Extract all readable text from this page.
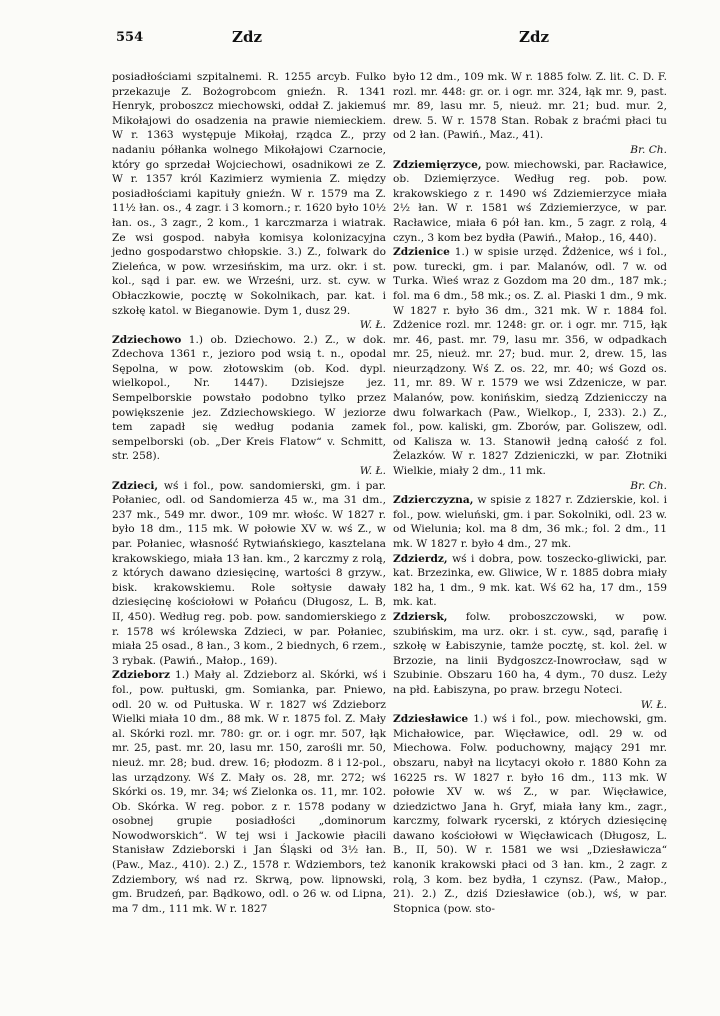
554	Zdz	Zdz

posiadłościami szpitalnemi. R. 1255 arcyb. Fulko przekazuje Z. Bożogrobcom gnieźn. R. 1341 Henryk, proboszcz miechowski, oddał Z. jakiemuś Mikołajowi do osadzenia na prawie niemieckiem. W r. 1363 występuje Mikołaj, rządca Z., przy nadaniu półłanka wolnego Mikołajowi Czarnocie, który go sprzedał Wojciechowi, osadnikowi ze Z. W r. 1357 król Kazimierz wymienia Z. między posiadłościami kapituły gnieźn. W r. 1579 ma Z. 11½ łan. os., 4 zagr. i 3 komorn.; r. 1620 było 10½ łan. os., 3 zagr., 2 kom., 1 karczmarza i wiatrak. Ze wsi gospod. nabyła komisya kolonizacyjna jedno gospodarstwo chłopskie. 3.) Z., folwark do Zieleńca, w pow. wrzesińskim, ma urz. okr. i st. kol., sąd i par. ew. we Wrześni, urz. st. cyw. w Obłaczkowie, pocztę w Sokolnikach, par. kat. i szkołę katol. w Bieganowie. Dym 1, dusz 29.
W. Ł.

Zdziechowo 1.) ob. Dziechowo. 2.) Z., w dok. Zdechova 1361 r., jezioro pod wsią t. n., opodal Sępolna, w pow. złotowskim (ob. Kod. dypl. wielkopol., Nr. 1447). Dzisiejsze jez. Sempelborskie powstało podobno tylko przez powiększenie jez. Zdziechowskiego. W jeziorze tem zapadł się według podania zamek sempelborski (ob. „Der Kreis Flatow“ v. Schmitt, str. 258).
W. Ł.

Zdzieci, wś i fol., pow. sandomierski, gm. i par. Połaniec, odl. od Sandomierza 45 w., ma 31 dm., 237 mk., 549 mr. dwor., 109 mr. włośc. W 1827 r. było 18 dm., 115 mk. W połowie XV w. wś Z., w par. Połaniec, własność Rytwiańskiego, kasztelana krakowskiego, miała 13 łan. km., 2 karczmy z rolą, z których dawano dziesięcinę, wartości 8 grzyw., bisk. krakowskiemu. Role sołtysie dawały dziesięcinę kościołowi w Połańcu (Długosz, L. B, II, 450). Według reg. pob. pow. sandomierskiego z r. 1578 wś królewska Zdzieci, w par. Połaniec, miała 25 osad., 8 łan., 3 kom., 2 biednych, 6 rzem., 3 rybak. (Pawiń., Małop., 169).

Zdzieborz 1.) Mały al. Zdzieborz al. Skórki, wś i fol., pow. pułtuski, gm. Somianka, par. Pniewo, odl. 20 w. od Pułtuska. W r. 1827 wś Zdzieborz Wielki miała 10 dm., 88 mk. W r. 1875 fol. Z. Mały al. Skórki rozl. mr. 780: gr. or. i ogr. mr. 507, łąk mr. 25, past. mr. 20, lasu mr. 150, zarośli mr. 50, nieuż. mr. 28; bud. drew. 16; płodozm. 8 i 12-pol., las urządzony. Wś Z. Mały os. 28, mr. 272; wś Skórki os. 19, mr. 34; wś Zielonka os. 11, mr. 102. Ob. Skórka. W reg. pobor. z r. 1578 podany w osobnej grupie posiadłości „dominorum Nowodworskich“. W tej wsi i Jackowie płacili Stanisław Zdzieborski i Jan Śląski od 3½ łan. (Paw., Maz., 410). 2.) Z., 1578 r. Wdziembors, też Zdziembory, wś nad rz. Skrwą, pow. lipnowski, gm. Brudzeń, par. Bądkowo, odl. o 26 w. od Lipna, ma 7 dm., 111 mk. W r. 1827

było 12 dm., 109 mk. W r. 1885 folw. Z. lit. C. D. F. rozl. mr. 448: gr. or. i ogr. mr. 324, łąk mr. 9, past. mr. 89, lasu mr. 5, nieuż. mr. 21; bud. mur. 2, drew. 5. W r. 1578 Stan. Robak z braćmi płaci tu od 2 łan. (Pawiń., Maz., 41).
Br. Ch.

Zdziemięrzyce, pow. miechowski, par. Racławice, ob. Dziemięrzyce. Według reg. pob. pow. krakowskiego z r. 1490 wś Zdziemierzyce miała 2½ łan. W r. 1581 wś Zdziemierzyce, w par. Racławice, miała 6 pół łan. km., 5 zagr. z rolą, 4 czyn., 3 kom bez bydła (Pawiń., Małop., 16, 440).

Zdzienice 1.) w spisie urzęd. Źdżenice, wś i fol., pow. turecki, gm. i par. Malanów, odl. 7 w. od Turka. Wieś wraz z Gozdom ma 20 dm., 187 mk.; fol. ma 6 dm., 58 mk.; os. Z. al. Piaski 1 dm., 9 mk. W 1827 r. było 36 dm., 321 mk. W r. 1884 fol. Zdżenice rozl. mr. 1248: gr. or. i ogr. mr. 715, łąk mr. 46, past. mr. 79, lasu mr. 356, w odpadkach mr. 25, nieuż. mr. 27; bud. mur. 2, drew. 15, las nieurządzony. Wś Z. os. 22, mr. 40; wś Gozd os. 11, mr. 89. W r. 1579 we wsi Zdzenicze, w par. Malanów, pow. konińskim, siedzą Zdzienicczy na dwu folwarkach (Paw., Wielkop., I, 233). 2.) Z., fol., pow. kaliski, gm. Zborów, par. Goliszew, odl. od Kalisza w. 13. Stanowił jedną całość z fol. Żelazków. W r. 1827 Zdzieniczki, w par. Złotniki Wielkie, miały 2 dm., 11 mk.
Br. Ch.

Zdzierczyzna, w spisie z 1827 r. Zdzierskie, kol. i fol., pow. wieluński, gm. i par. Sokolniki, odl. 23 w. od Wielunia; kol. ma 8 dm, 36 mk.; fol. 2 dm., 11 mk. W 1827 r. było 4 dm., 27 mk.

Zdzierdz, wś i dobra, pow. toszecko-gliwicki, par. kat. Brzezinka, ew. Gliwice, W r. 1885 dobra miały 182 ha, 1 dm., 9 mk. kat. Wś 62 ha, 17 dm., 159 mk. kat.

Zdziersk, folw. proboszczowski, w pow. szubińskim, ma urz. okr. i st. cyw., sąd, parafię i szkołę w Łabiszynie, tamże pocztę, st. kol. żel. w Brzozie, na linii Bydgoszcz-Inowrocław, sąd w Szubinie. Obszaru 160 ha, 4 dym., 70 dusz. Leży na płd. Łabiszyna, po praw. brzegu Noteci.
W. Ł.

Zdziesławice 1.) wś i fol., pow. miechowski, gm. Michałowice, par. Więcławice, odl. 29 w. od Miechowa. Folw. poduchowny, mający 291 mr. obszaru, nabył na licytacyi około r. 1880 Kohn za 16225 rs. W 1827 r. było 16 dm., 113 mk. W połowie XV w. wś Z., w par. Więcławice, dziedzictwo Jana h. Gryf, miała łany km., zagr., karczmy, folwark rycerski, z których dziesięcinę dawano kościołowi w Więcławicach (Długosz, L. B., II, 50). W r. 1581 we wsi „Dziesławicza“ kanonik krakowski płaci od 3 łan. km., 2 zagr. z rolą, 3 kom. bez bydła, 1 czynsz. (Paw., Małop., 21). 2.) Z., dziś Dziesławice (ob.), wś, w par. Stopnica (pow. sto-
